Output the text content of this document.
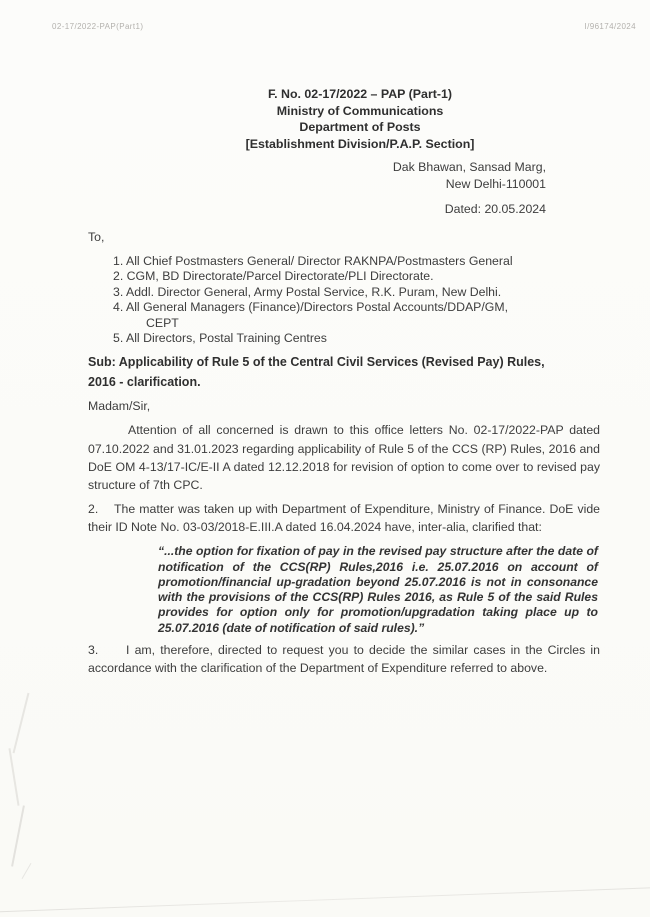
02-17/2022-PAP(Part1)	I/96174/2024
F. No. 02-17/2022 – PAP (Part-1)
Ministry of Communications
Department of Posts
[Establishment Division/P.A.P. Section]
Dak Bhawan, Sansad Marg,
New Delhi-110001
Dated: 20.05.2024
To,
1. All Chief Postmasters General/ Director RAKNPA/Postmasters General
2. CGM, BD Directorate/Parcel Directorate/PLI Directorate.
3. Addl. Director General, Army Postal Service, R.K. Puram, New Delhi.
4. All General Managers (Finance)/Directors Postal Accounts/DDAP/GM,
CEPT
5. All Directors, Postal Training Centres
Sub: Applicability of Rule 5 of the Central Civil Services (Revised Pay) Rules,
2016 - clarification.
Madam/Sir,

Attention of all concerned is drawn to this office letters No. 02-17/2022-PAP dated 07.10.2022 and 31.01.2023 regarding applicability of Rule 5 of the CCS (RP) Rules, 2016 and DoE OM 4-13/17-IC/E-II A dated 12.12.2018 for revision of option to come over to revised pay structure of 7th CPC.

2. The matter was taken up with Department of Expenditure, Ministry of Finance. DoE vide their ID Note No. 03-03/2018-E.III.A dated 16.04.2024 have, inter-alia, clarified that:

“...the option for fixation of pay in the revised pay structure after the date of notification of the CCS(RP) Rules,2016 i.e. 25.07.2016 on account of promotion/financial up-gradation beyond 25.07.2016 is not in consonance with the provisions of the CCS(RP) Rules 2016, as Rule 5 of the said Rules provides for option only for promotion/upgradation taking place up to 25.07.2016 (date of notification of said rules).”

3. I am, therefore, directed to request you to decide the similar cases in the Circles in accordance with the clarification of the Department of Expenditure referred to above.
